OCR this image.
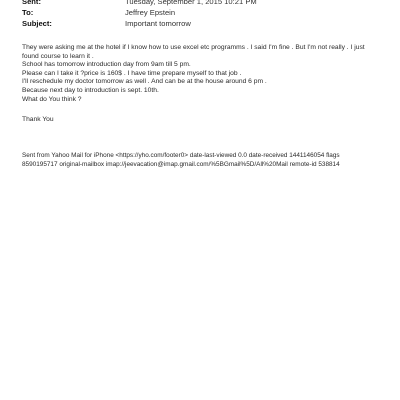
Sent:	Tuesday, September 1, 2015 10:21 PM
To:	Jeffrey Epstein
Subject:	Important tomorrow
They were asking me at the hotel if I know how to use excel etc programms . I said I'm fine . But I'm not really . I just
found course to learn it .
School has tomorrow introduction day from 9am till 5 pm.
Please can I take it ?price is 160$ . I have time prepare myself to that job .
I'll reschedule my doctor tomorrow as well . And can be at the house around 6 pm .
Because next day to introduction is sept. 10th.
What do You think ?
Thank You
Sent from Yahoo Mail for iPhone <https://yho.com/footer0> date-last-viewed 0.0 date-received 1441146054 flags
8590195717 original-mailbox imap://jeevacation@imap.gmail.com/%5BGmail%5D/All%20Mail remote-id 538814
